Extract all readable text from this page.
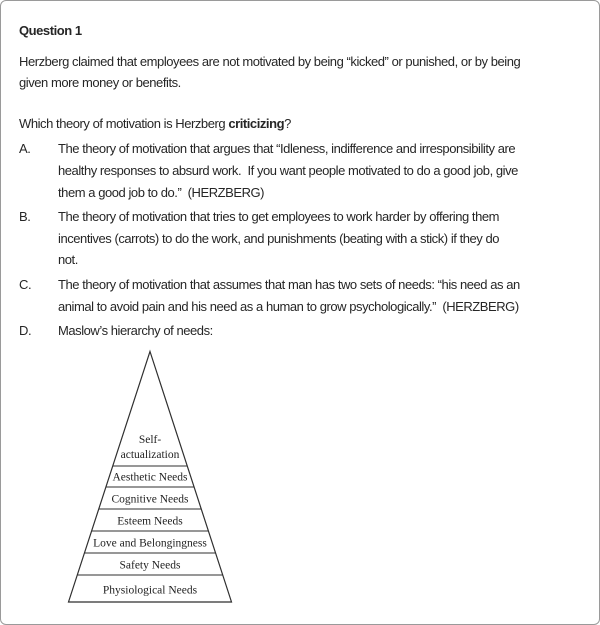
Question 1
Herzberg claimed that employees are not motivated by being “kicked” or punished, or by being
given more money or benefits.

Which theory of motivation is Herzberg criticizing?

A.	The theory of motivation that argues that “Idleness, indifference and irresponsibility are
healthy responses to absurd work.  If you want people motivated to do a good job, give
them a good job to do.”  (HERZBERG)
B.	The theory of motivation that tries to get employees to work harder by offering them
incentives (carrots) to do the work, and punishments (beating with a stick) if they do
not.
C.	The theory of motivation that assumes that man has two sets of needs: “his need as an
animal to avoid pain and his need as a human to grow psychologically.”  (HERZBERG)
D.	Maslow’s hierarchy of needs:
Self-
actualization
Aesthetic Needs
Cognitive Needs
Esteem Needs
Love and Belongingness
Safety Needs
Physiological Needs
